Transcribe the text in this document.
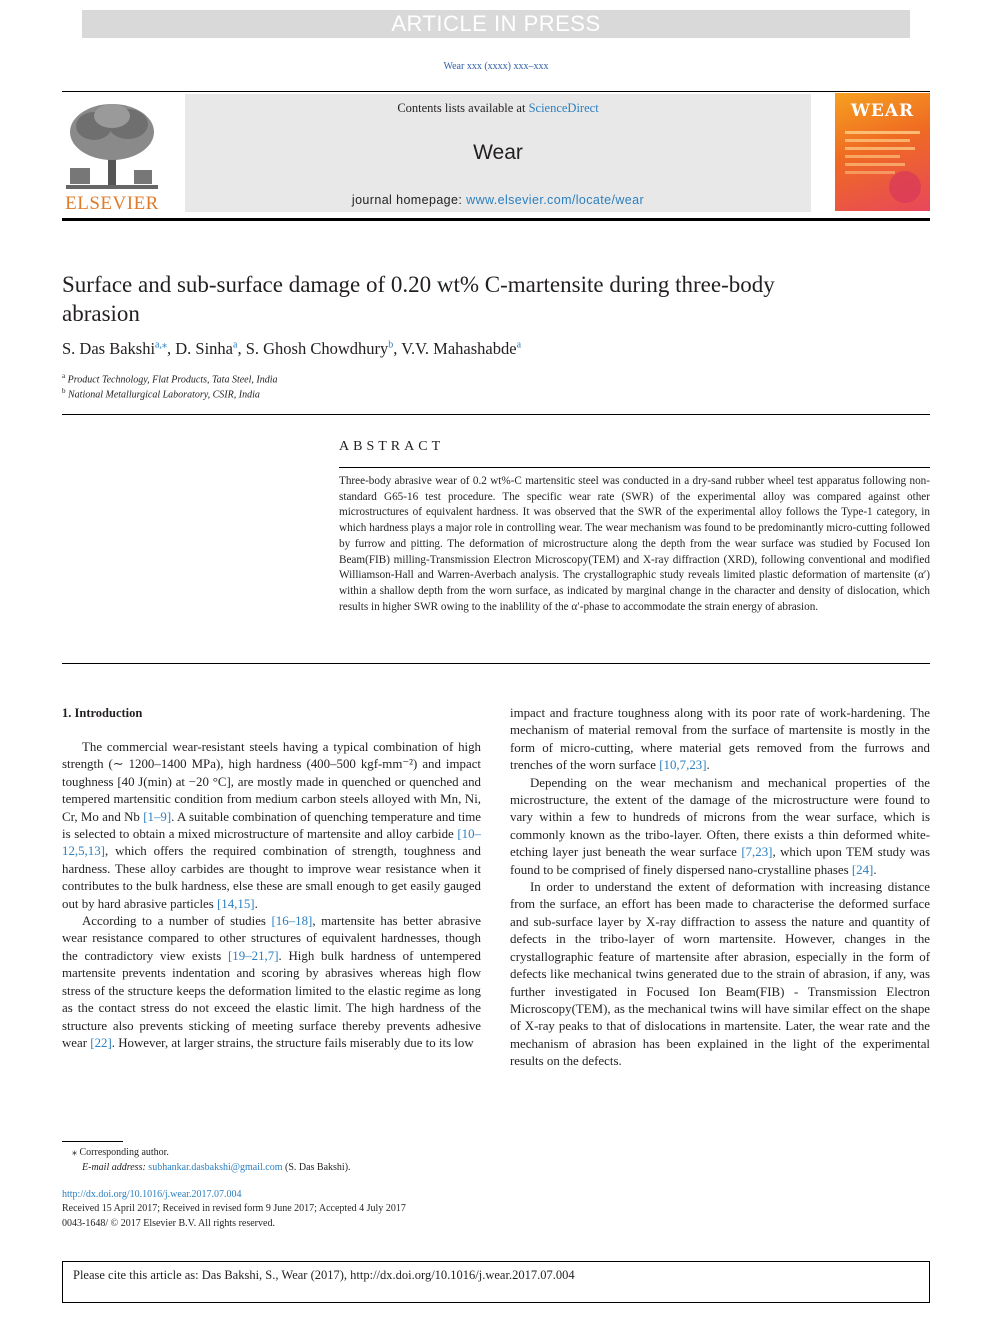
ARTICLE IN PRESS
Wear xxx (xxxx) xxx–xxx
ELSEVIER
Contents lists available at ScienceDirect
Wear
journal homepage: www.elsevier.com/locate/wear
WEAR
Surface and sub-surface damage of 0.20 wt% C-martensite during three-body abrasion
S. Das Bakshi$^{a,⁎}$, D. Sinha$^a$, S. Ghosh Chowdhury$^b$, V.V. Mahashabde$^a$
$^a$ Product Technology, Flat Products, Tata Steel, India
$^b$ National Metallurgical Laboratory, CSIR, India
ABSTRACT
Three-body abrasive wear of 0.2 wt%-C martensitic steel was conducted in a dry-sand rubber wheel test apparatus following non-standard G65-16 test procedure. The specific wear rate (SWR) of the experimental alloy was compared against other microstructures of equivalent hardness. It was observed that the SWR of the experimental alloy follows the Type-1 category, in which hardness plays a major role in controlling wear. The wear mechanism was found to be predominantly micro-cutting followed by furrow and pitting. The deformation of microstructure along the depth from the wear surface was studied by Focused Ion Beam(FIB) milling-Transmission Electron Microscopy(TEM) and X-ray diffraction (XRD), following conventional and modified Williamson-Hall and Warren-Averbach analysis. The crystallographic study reveals limited plastic deformation of martensite (α′) within a shallow depth from the worn surface, as indicated by marginal change in the character and density of dislocation, which results in higher SWR owing to the inablility of the α′-phase to accommodate the strain energy of abrasion.
1. Introduction

The commercial wear-resistant steels having a typical combination of high strength (∼ 1200–1400 MPa), high hardness (400–500 kgf-mm⁻²) and impact toughness [40 J(min) at −20 °C], are mostly made in quenched or quenched and tempered martensitic condition from medium carbon steels alloyed with Mn, Ni, Cr, Mo and Nb [1–9]. A suitable combination of quenching temperature and time is selected to obtain a mixed microstructure of martensite and alloy carbide [10–12,5,13], which offers the required combination of strength, toughness and hardness. These alloy carbides are thought to improve wear resistance when it contributes to the bulk hardness, else these are small enough to get easily gauged out by hard abrasive particles [14,15].

According to a number of studies [16–18], martensite has better abrasive wear resistance compared to other structures of equivalent hardnesses, though the contradictory view exists [19–21,7]. High bulk hardness of untempered martensite prevents indentation and scoring by abrasives whereas high flow stress of the structure keeps the deformation limited to the elastic regime as long as the contact stress do not exceed the elastic limit. The high hardness of the structure also prevents sticking of meeting surface thereby prevents adhesive wear [22]. However, at larger strains, the structure fails miserably due to its low

impact and fracture toughness along with its poor rate of work-hardening. The mechanism of material removal from the surface of martensite is mostly in the form of micro-cutting, where material gets removed from the furrows and trenches of the worn surface [10,7,23].

Depending on the wear mechanism and mechanical properties of the microstructure, the extent of the damage of the microstructure were found to vary within a few to hundreds of microns from the wear surface, which is commonly known as the tribo-layer. Often, there exists a thin deformed white-etching layer just beneath the wear surface [7,23], which upon TEM study was found to be comprised of finely dispersed nano-crystalline phases [24].

In order to understand the extent of deformation with increasing distance from the surface, an effort has been made to characterise the deformed surface and sub-surface layer by X-ray diffraction to assess the nature and quantity of defects in the tribo-layer of worn martensite. However, changes in the crystallographic feature of martensite after abrasion, especially in the form of defects like mechanical twins generated due to the strain of abrasion, if any, was further investigated in Focused Ion Beam(FIB) - Transmission Electron Microscopy(TEM), as the mechanical twins will have similar effect on the shape of X-ray peaks to that of dislocations in martensite. Later, the wear rate and the mechanism of abrasion has been explained in the light of the experimental results on the defects.

⁎ Corresponding author.
E-mail address: subhankar.dasbakshi@gmail.com (S. Das Bakshi).
http://dx.doi.org/10.1016/j.wear.2017.07.004
Received 15 April 2017; Received in revised form 9 June 2017; Accepted 4 July 2017
0043-1648/ © 2017 Elsevier B.V. All rights reserved.
Please cite this article as: Das Bakshi, S., Wear (2017), http://dx.doi.org/10.1016/j.wear.2017.07.004
